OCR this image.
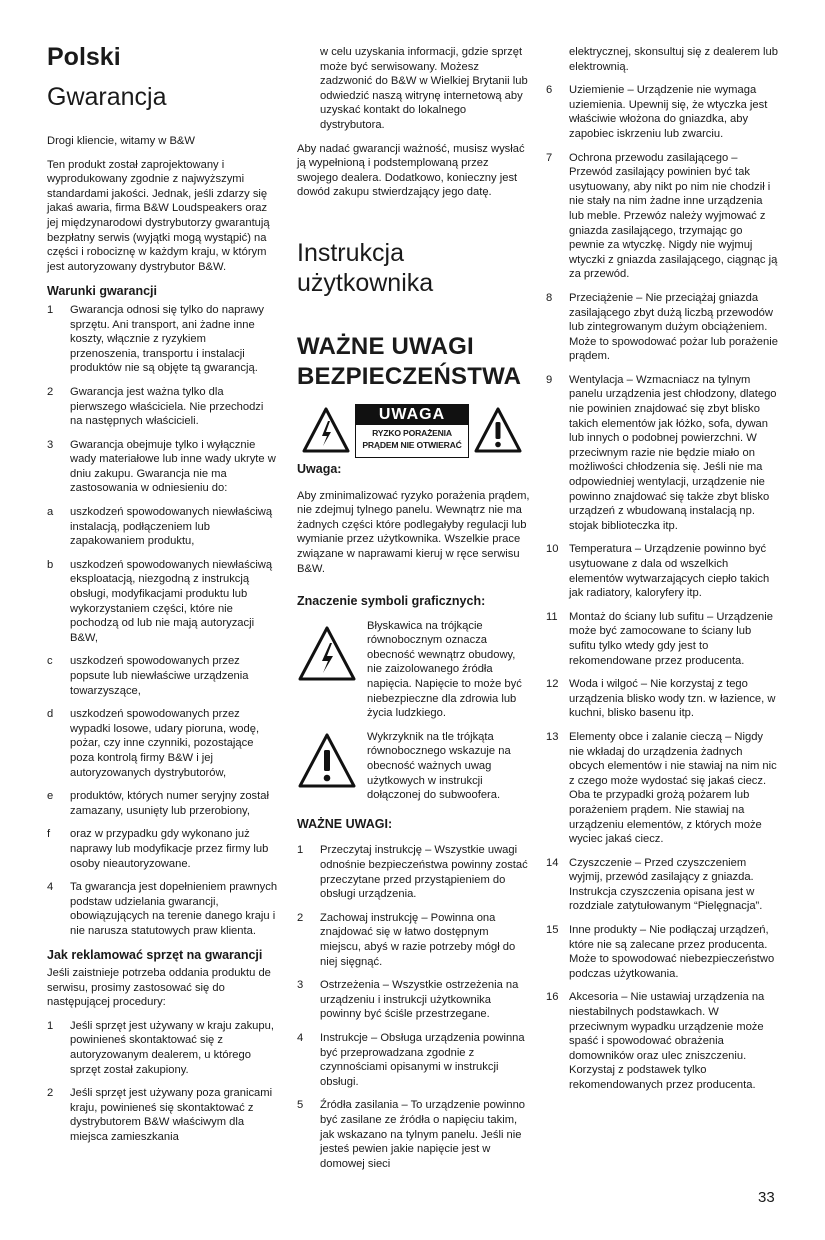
Polski
Gwarancja

Drogi kliencie, witamy w B&W

Ten produkt został zaprojektowany i wyprodukowany zgodnie z najwyższymi standardami jakości. Jednak, jeśli zdarzy się jakaś awaria, firma B&W Loudspeakers oraz jej międzynarodowi dystrybutorzy gwarantują bezpłatny serwis (wyjątki mogą wystąpić) na części i robociznę w każdym kraju, w którym jest autoryzowany dystrybutor B&W.

Warunki gwarancji
1	Gwarancja odnosi się tylko do naprawy sprzętu. Ani transport, ani żadne inne koszty, włącznie z ryzykiem przenoszenia, transportu i instalacji produktów nie są objęte tą gwarancją.
2	Gwarancja jest ważna tylko dla pierwszego właściciela. Nie przechodzi na następnych właścicieli.
3	Gwarancja obejmuje tylko i wyłącznie wady materiałowe lub inne wady ukryte w dniu zakupu. Gwarancja nie ma zastosowania w odniesieniu do:
a	uszkodzeń spowodowanych niewłaściwą instalacją, podłączeniem lub zapakowaniem produktu,
b	uszkodzeń spowodowanych niewłaściwą eksploatacją, niezgodną z instrukcją obsługi, modyfikacjami produktu lub wykorzystaniem części, które nie pochodzą od lub nie mają autoryzacji B&W,
c	uszkodzeń spowodowanych przez popsute lub niewłaściwe urządzenia towarzyszące,
d	uszkodzeń spowodowanych przez wypadki losowe, udary pioruna, wodę, pożar, czy inne czynniki, pozostające poza kontrolą firmy B&W i jej autoryzowanych dystrybutorów,
e	produktów, których numer seryjny został zamazany, usunięty lub przerobiony,
f	oraz w przypadku gdy wykonano już naprawy lub modyfikacje przez firmy lub osoby nieautoryzowane.
4	Ta gwarancja jest dopełnieniem prawnych podstaw udzielania gwarancji, obowiązujących na terenie danego kraju i nie narusza statutowych praw klienta.
Jak reklamować sprzęt na gwarancji

Jeśli zaistnieje potrzeba oddania produktu de serwisu, prosimy zastosować się do następującej procedury:

1	Jeśli sprzęt jest używany w kraju zakupu, powinieneś skontaktować się z autoryzowanym dealerem, u którego sprzęt został zakupiony.
2	Jeśli sprzęt jest używany poza granicami kraju, powinieneś się skontaktować z dystrybutorem B&W właściwym dla miejsca zamieszkania

w celu uzyskania informacji, gdzie sprzęt może być serwisowany. Możesz zadzwonić do B&W w Wielkiej Brytanii lub odwiedzić naszą witrynę internetową aby uzyskać kontakt do lokalnego dystrybutora.

Aby nadać gwarancji ważność, musisz wysłać ją wypełnioną i podstemplowaną przez swojego dealera. Dodatkowo, konieczny jest dowód zakupu stwierdzający jego datę.

Instrukcja
użytkownika
WAŻNE UWAGI
BEZPIECZEŃSTWA
UWAGA
RYZKO PORAŻENIA
PRĄDEM NIE OTWIERAĆ
Uwaga:

Aby zminimalizować ryzyko porażenia prądem, nie zdejmuj tylnego panelu. Wewnątrz nie ma żadnych części które podlegałyby regulacji lub wymianie przez użytkownika. Wszelkie prace związane w naprawami kieruj w ręce serwisu B&W.

Znaczenie symboli graficznych:
Błyskawica na trójkącie równobocznym oznacza obecność wewnątrz obudowy, nie zaizolowanego źródła napięcia. Napięcie to może być niebezpieczne dla zdrowia lub życia ludzkiego.
Wykrzyknik na tle trójkąta równobocznego wskazuje na obecność ważnych uwag użytkowych w instrukcji dołączonej do subwoofera.
WAŻNE UWAGI:
1	Przeczytaj instrukcję – Wszystkie uwagi odnośnie bezpieczeństwa powinny zostać przeczytane przed przystąpieniem do obsługi urządzenia.
2	Zachowaj instrukcję – Powinna ona znajdować się w łatwo dostępnym miejscu, abyś w razie potrzeby mógł do niej sięgnąć.
3	Ostrzeżenia – Wszystkie ostrzeżenia na urządzeniu i instrukcji użytkownika powinny być ściśle przestrzegane.
4	Instrukcje – Obsługa urządzenia powinna być przeprowadzana zgodnie z czynnościami opisanymi w instrukcji obsługi.
5	Źródła zasilania – To urządzenie powinno być zasilane ze źródła o napięciu takim, jak wskazano na tylnym panelu. Jeśli nie jesteś pewien jakie napięcie jest w domowej sieci

elektrycznej, skonsultuj się z dealerem lub elektrownią.

6	Uziemienie – Urządzenie nie wymaga uziemienia. Upewnij się, że wtyczka jest właściwie włożona do gniazdka, aby zapobiec iskrzeniu lub zwarciu.
7	Ochrona przewodu zasilającego – Przewód zasilający powinien być tak usytuowany, aby nikt po nim nie chodził i nie stały na nim żadne inne urządzenia lub meble. Przewóz należy wyjmować z gniazda zasilającego, trzymając go pewnie za wtyczkę. Nigdy nie wyjmuj wtyczki z gniazda zasilającego, ciągnąc ją za przewód.
8	Przeciążenie – Nie przeciążaj gniazda zasilającego zbyt dużą liczbą przewodów lub zintegrowanym dużym obciążeniem. Może to spowodować pożar lub porażenie prądem.
9	Wentylacja – Wzmacniacz na tylnym panelu urządzenia jest chłodzony, dlatego nie powinien znajdować się zbyt blisko takich elementów jak łóżko, sofa, dywan lub innych o podobnej powierzchni. W przeciwnym razie nie będzie miało on możliwości chłodzenia się. Jeśli nie ma odpowiedniej wentylacji, urządzenie nie powinno znajdować się także zbyt blisko urządzeń z wbudowaną instalacją np. stojak biblioteczka itp.
10 Temperatura – Urządzenie powinno być usytuowane z dala od wszelkich elementów wytwarzających ciepło takich jak radiatory, kaloryfery itp.
11	Montaż do ściany lub sufitu – Urządzenie może być zamocowane to ściany lub sufitu tylko wtedy gdy jest to rekomendowane przez producenta.
12 Woda i wilgoć – Nie korzystaj z tego urządzenia blisko wody tzn. w łazience, w kuchni, blisko basenu itp.
13 Elementy obce i zalanie cieczą – Nigdy nie wkładaj do urządzenia żadnych obcych elementów i nie stawiaj na nim nic z czego może wydostać się jakaś ciecz. Oba te przypadki grożą pożarem lub porażeniem prądem. Nie stawiaj na urządzeniu elementów, z których może wyciec jakaś ciecz.
14 Czyszczenie – Przed czyszczeniem wyjmij, przewód zasilający z gniazda. Instrukcja czyszczenia opisana jest w rozdziale zatytułowanym “Pielęgnacja”.
15 Inne produkty – Nie podłączaj urządzeń, które nie są zalecane przez producenta. Może to spowodować niebezpieczeństwo podczas użytkowania.
16 Akcesoria – Nie ustawiaj urządzenia na niestabilnych podstawkach. W przeciwnym wypadku urządzenie może spaść i spowodować obrażenia domowników oraz ulec zniszczeniu. Korzystaj z podstawek tylko rekomendowanych przez producenta.
33
